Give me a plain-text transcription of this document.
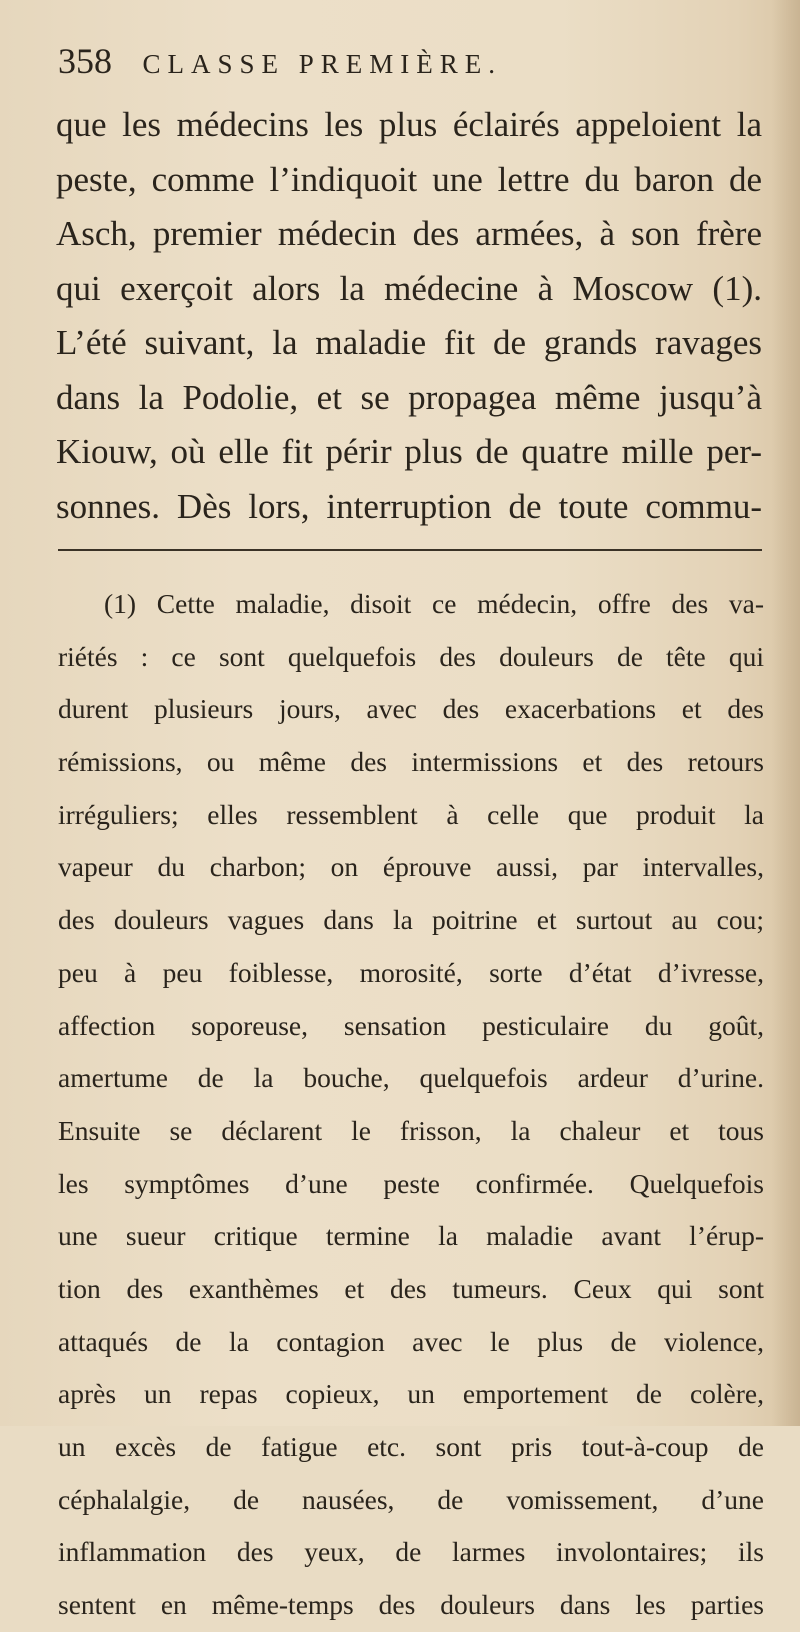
358 CLASSE PREMIÈRE.
que les médecins les plus éclairés appeloient la
peste, comme l’indiquoit une lettre du baron de
Asch, premier médecin des armées, à son frère
qui exerçoit alors la médecine à Moscow (1).
L’été suivant, la maladie fit de grands ravages
dans la Podolie, et se propagea même jusqu’à
Kiouw, où elle fit périr plus de quatre mille per-
sonnes. Dès lors, interruption de toute commu-
(1) Cette maladie, disoit ce médecin, offre des va-
riétés : ce sont quelquefois des douleurs de tête qui
durent plusieurs jours, avec des exacerbations et des
rémissions, ou même des intermissions et des retours
irréguliers; elles ressemblent à celle que produit la
vapeur du charbon; on éprouve aussi, par intervalles,
des douleurs vagues dans la poitrine et surtout au cou;
peu à peu foiblesse, morosité, sorte d’état d’ivresse,
affection soporeuse, sensation pesticulaire du goût,
amertume de la bouche, quelquefois ardeur d’urine.
Ensuite se déclarent le frisson, la chaleur et tous
les symptômes d’une peste confirmée. Quelquefois
une sueur critique termine la maladie avant l’érup-
tion des exanthèmes et des tumeurs. Ceux qui sont
attaqués de la contagion avec le plus de violence,
après un repas copieux, un emportement de colère,
un excès de fatigue etc. sont pris tout-à-coup de
céphalalgie, de nausées, de vomissement, d’une
inflammation des yeux, de larmes involontaires; ils
sentent en même-temps des douleurs dans les parties
